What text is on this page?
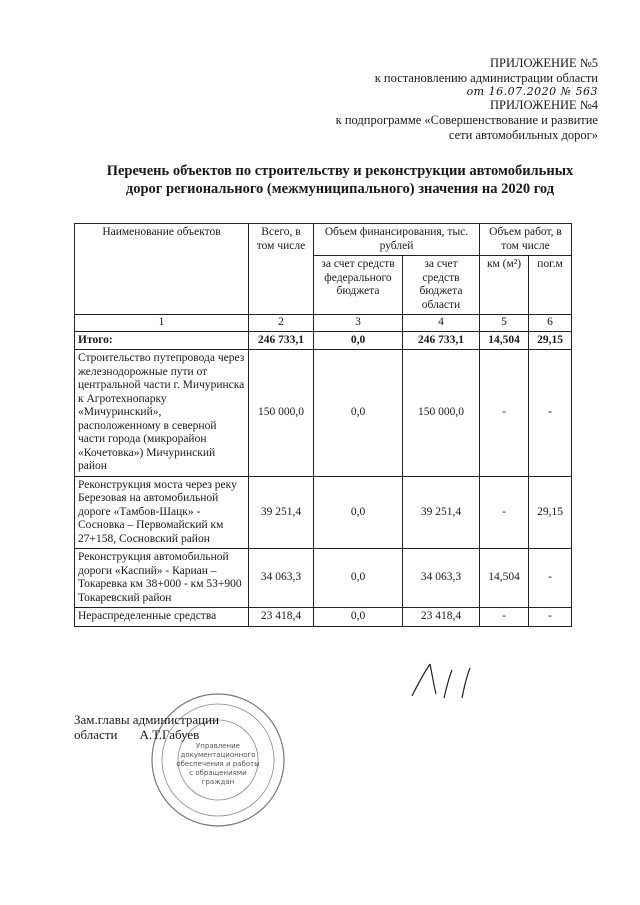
ПРИЛОЖЕНИЕ №5
к постановлению администрации области
от 16.07.2020 № 563
ПРИЛОЖЕНИЕ №4
к подпрограмме «Совершенствование и развитие
сети автомобильных дорог»
Перечень объектов по строительству и реконструкции автомобильных
дорог регионального (межмуниципального) значения на 2020 год
Наименование объектов	Всего, в том числе	Объем финансирования, тыс. рублей		Объем работ, в том числе	
		за счет средств федерального бюджета	за счет средств бюджета области	км (м²)	пог.м
1	2	3	4	5	6
Итого:	246 733,1	0,0	246 733,1	14,504	29,15
Строительство путепровода через железнодорожные пути от центральной части г. Мичуринска к Агротехнопарку «Мичуринский», расположенному в северной части города (микрорайон «Кочетовка») Мичуринский район	150 000,0	0,0	150 000,0	-	-
Реконструкция моста через реку Березовая на автомобильной дороге «Тамбов-Шацк» - Сосновка – Первомайский км 27+158, Сосновский район	39 251,4	0,0	39 251,4	-	29,15
Реконструкция автомобильной дороги «Каспий» - Кариан – Токаревка км 38+000 - км 53+900 Токаревский район	34 063,3	0,0	34 063,3	14,504	-
Нераспределенные средства	23 418,4	0,0	23 418,4	-	-
Управление
документационного
обеспечения и работы
с обращениями
граждан
Зам.главы администрации
области А.Т.Габуев
